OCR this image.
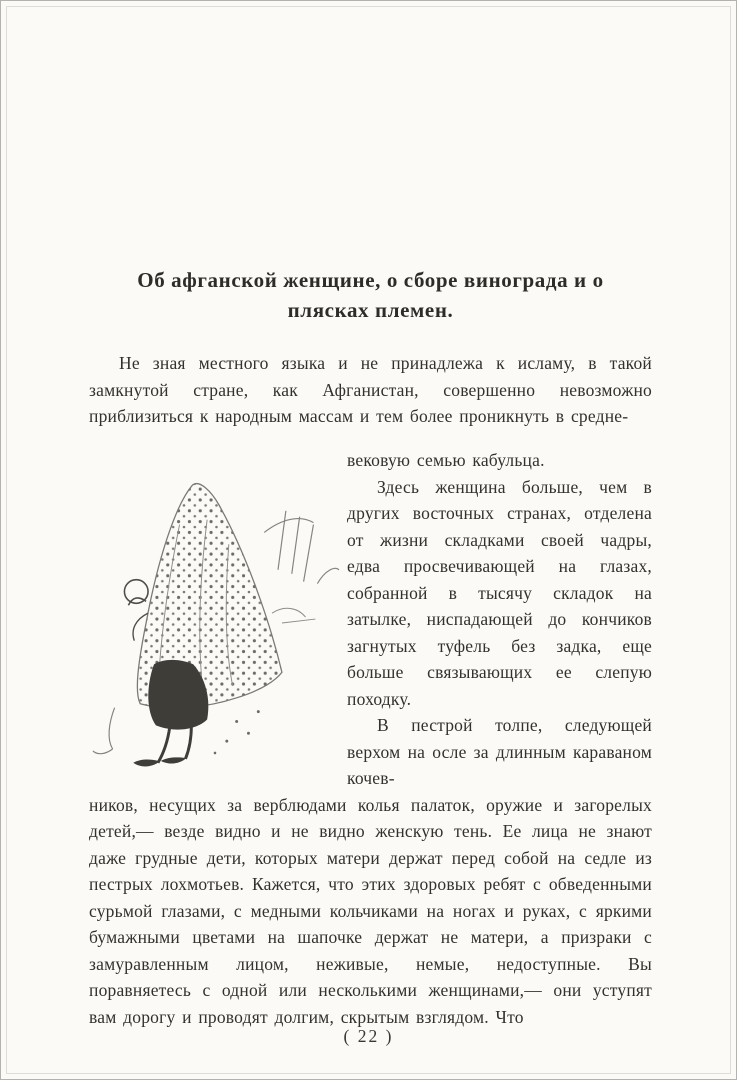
Об афганской женщине, о сборе винограда и о
плясках племен.

Не зная местного языка и не принадлежа к исламу, в такой замкнутой стране, как Афганистан, совершенно невозможно приблизиться к народным массам и тем более проникнуть в средне-

вековую семью кабульца.

Здесь женщина больше, чем в других восточных странах, отделена от жизни складками своей чадры, едва просвечивающей на глазах, собранной в тысячу складок на затылке, ниспадающей до кончиков загнутых туфель без задка, еще больше связывающих ее слепую походку.

В пестрой толпе, следующей верхом на осле за длинным караваном кочев-

ников, несущих за верблюдами колья палаток, оружие и загорелых детей,— везде видно и не видно женскую тень. Ее лица не знают даже грудные дети, которых матери держат перед собой на седле из пестрых лохмотьев. Кажется, что этих здоровых ребят с обведенными сурьмой глазами, с медными кольчиками на ногах и руках, с яркими бумажными цветами на шапочке держат не матери, а призраки с замуравленным лицом, неживые, немые, недоступные. Вы поравняетесь с одной или несколькими женщинами,— они уступят вам дорогу и проводят долгим, скрытым взглядом. Что

( 22 )
